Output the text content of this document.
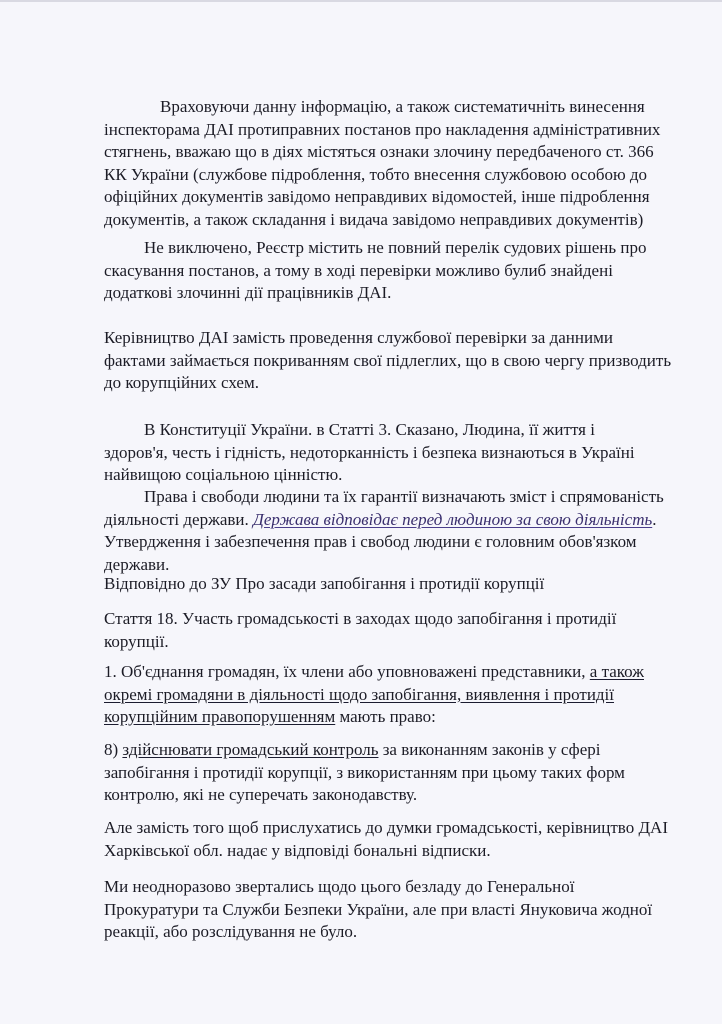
Враховуючи данну інформацію, а також систематичніть винесення
інспекторама ДАІ протиправних постанов про накладення адміністративних
стягнень, вважаю що в діях містяться ознаки злочину передбаченого ст. 366
КК України (службове підроблення, тобто внесення службовою особою до
офіційних документів завідомо неправдивих відомостей, інше підроблення
документів, а також складання і видача завідомо неправдивих документів)

Не виключено, Реєстр містить не повний перелік судових рішень про
скасування постанов, а тому в ході перевірки можливо булиб знайдені
додаткові злочинні дії працівників ДАІ.

Керівництво ДАІ замість проведення службової перевірки за данними
фактами займається покриванням свої підлеглих, що в свою чергу призводить
до корупційних схем.

В Конституції України. в Статті 3. Сказано, Людина, її життя і
здоров'я, честь і гідність, недоторканність і безпека визнаються в Україні
найвищою соціальною цінністю.

Права і свободи людини та їх гарантії визначають зміст і спрямованість
діяльності держави. Держава відповідає перед людиною за свою діяльність.
Утвердження і забезпечення прав і свобод людини є головним обов'язком
держави.

Відповідно до ЗУ Про засади запобігання і протидії корупції

Стаття 18. Участь громадськості в заходах щодо запобігання і протидії
корупції.

1. Об'єднання громадян, їх члени або уповноважені представники, а також
окремі громадяни в діяльності щодо запобігання, виявлення і протидії
корупційним правопорушенням мають право:

8) здійснювати громадський контроль за виконанням законів у сфері
запобігання і протидії корупції, з використанням при цьому таких форм
контролю, які не суперечать законодавству.

Але замість того щоб прислухатись до думки громадськості, керівництво ДАІ
Харківської обл. надає у відповіді бональні відписки.

Ми неодноразово звертались щодо цього безладу до Генеральної
Прокуратури та Служби Безпеки України, але при власті Януковича жодної
реакції, або розслідування не було.
